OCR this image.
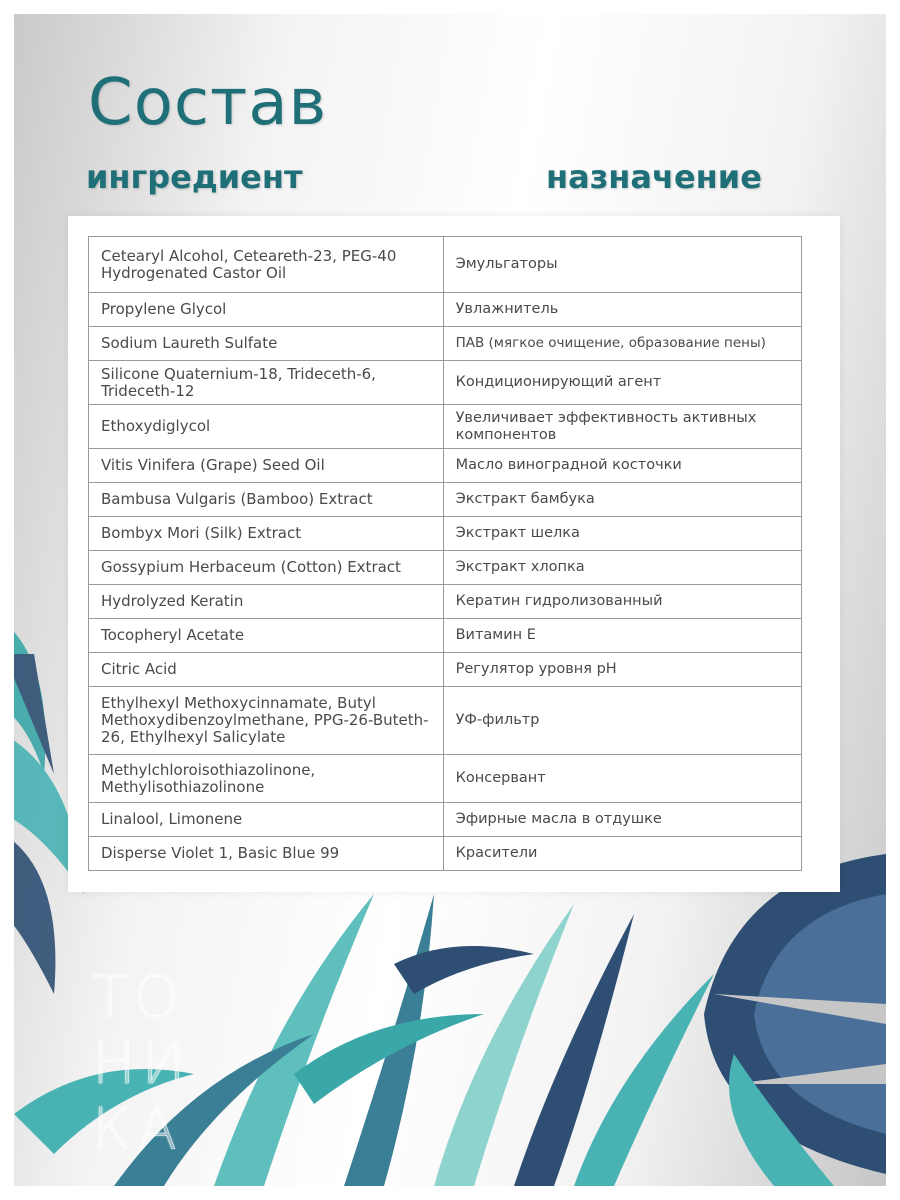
Состав
ингредиент	назначение
Cetearyl Alcohol, Ceteareth-23, PEG-40 Hydrogenated Castor Oil	Эмульгаторы
Propylene Glycol	Увлажнитель
Sodium Laureth Sulfate	ПАВ (мягкое очищение, образование пены)
Silicone Quaternium-18, Trideceth-6, Trideceth-12	Кондиционирующий агент
Ethoxydiglycol	Увеличивает эффективность активных компонентов
Vitis Vinifera (Grape) Seed Oil	Масло виноградной косточки
Bambusa Vulgaris (Bamboo) Extract	Экстракт бамбука
Bombyx Mori (Silk) Extract	Экстракт шелка
Gossypium Herbaceum (Cotton) Extract	Экстракт хлопка
Hydrolyzed Keratin	Кератин гидролизованный
Tocopheryl Acetate	Витамин Е
Citric Acid	Регулятор уровня pH
Ethylhexyl Methoxycinnamate, Butyl Methoxydibenzoylmethane, PPG-26-Buteth-26, Ethylhexyl Salicylate	УФ-фильтр
Methylchloroisothiazolinone, Methylisothiazolinone	Консервант
Linalool, Limonene	Эфирные масла в отдушке
Disperse Violet 1, Basic Blue 99	Красители
ТО
НИ
КА
®
